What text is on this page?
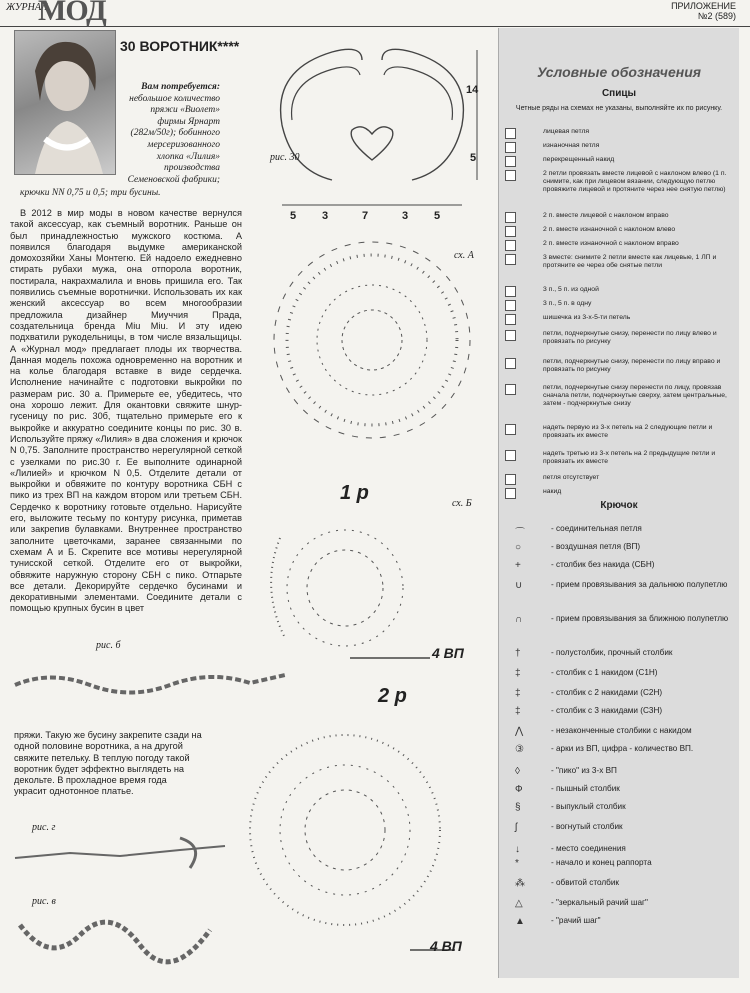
ЖУРНАЛ
МОД	ПРИЛОЖЕНИЕ
№2 (589)
30 ВОРОТНИК****
Вам потребуется:
небольшое количество пряжи «Виолет» фирмы Ярнарт (282м/50г); бобинного мерсеризованного хлопка «Лилия» производства Семеновской фабрики;
крючки NN 0,75 и 0,5; три бусины.
В 2012 в мир моды в новом качестве вернулся такой аксессуар, как съемный воротник. Раньше он был принадлежностью мужского костюма. А появился благодаря выдумке американской домохозяйки Ханы Монтегю. Ей надоело ежедневно стирать рубахи мужа, она отпорола воротник, постирала, накрахмалила и вновь пришила его. Так появились съемные воротнички. Использовать их как женский аксессуар во всем многообразии предложила дизайнер Миуччия Прада, создательница бренда Miu Miu. И эту идею подхватили рукодельницы, в том числе вязальщицы. А «Журнал мод» предлагает плоды их творчества. Данная модель похожа одновременно на воротник и на колье благодаря вставке в виде сердечка. Исполнение начинайте с подготовки выкройки по размерам рис. 30 а. Примерьте ее, убедитесь, что она хорошо лежит. Для окантовки свяжите шнур-гусеницу по рис. 30б, тщательно примерьте его к выкройке и аккуратно соедините концы по рис. 30 в. Используйте пряжу «Лилия» в два сложения и крючок N 0,75. Заполните пространство нерегулярной сеткой с узелками по рис.30 г. Ее выполните одинарной «Лилией» и крючком N 0,5. Отделите детали от выкройки и обвяжите по контуру воротника СБН с пико из трех ВП на каждом втором или третьем СБН. Сердечко к воротнику готовьте отдельно. Нарисуйте его, выложите тесьму по контуру рисунка, приметав или закрепив булавками. Внутреннее пространство заполните цветочками, заранее связанными по схемам А и Б. Скрепите все мотивы нерегулярной тунисской сеткой. Отделите его от выкройки, обвяжите наружную сторону СБН с пико. Отпарьте все детали. Декорируйте сердечко бусинами и декоративными элементами. Соедините детали с помощью крупных бусин в цвет
пряжи. Такую же бусину закрепите сзади на одной половине воротника, а на другой свяжите петельку. В теплую погоду такой воротник будет эффектно выглядеть на декольте. В прохладное время года украсит однотонное платье.
рис. 30
14
5
5 3	7	3 5
сх. А
1 р	сх. Б
4 ВП
2 р
4 ВП
рис. б
рис. г
рис. в
Условные обозначения
Спицы
Четные ряды на схемах не указаны, выполняйте их по рисунку.
лицевая петля
изнаночная петля
перекрещенный накид
2 петли провязать вместе лицевой с наклоном влево (1 п. снимите, как при лицевом вязании, следующую петлю провяжите лицевой и протяните через нее снятую петлю)
2 п. вместе лицевой с наклоном вправо
2 п. вместе изнаночной с наклоном влево
2 п. вместе изнаночной с наклоном вправо
3 вместе: снимите 2 петли вместе как лицевые, 1 ЛП и протяните ее через обе снятые петли
3 п., 5 п. из одной
3 п., 5 п. в одну
шишечка из 3-х-5-ти петель
петли, подчеркнутые снизу, перенести по лицу влево и провязать по рисунку
петли, подчеркнутые снизу, перенести по лицу вправо и провязать по рисунку
петли, подчеркнутые снизу перенести по лицу, провязав сначала петли, подчеркнутые сверху, затем центральные, затем - подчеркнутые снизу
надеть первую из 3-х петель на 2 следующие петли и провязать их вместе
надеть третью из 3-х петель на 2 предыдущие петли и провязать их вместе
петля отсутствует
накид
Крючок
⌒	- соединительная петля
○	- воздушная петля (ВП)
+	- столбик без накида (СБН)
∪	- прием провязывания за дальнюю полупетлю
∩	- прием провязывания за ближнюю полупетлю
†	- полустолбик, прочный столбик
‡	- столбик с 1 накидом (С1Н)
‡	- столбик с 2 накидами (С2Н)
‡	- столбик с 3 накидами (С3Н)
⋀	- незаконченные столбики с накидом
③	- арки из ВП, цифра - количество ВП.
◊	- "пико" из 3-х ВП
Ф	- пышный столбик
§	- выпуклый столбик
ʃ	- вогнутый столбик
↓	- место соединения
*	- начало и конец раппорта
⁂	- обвитой столбик
△	- "зеркальный рачий шаг"
▲	- "рачий шаг"
